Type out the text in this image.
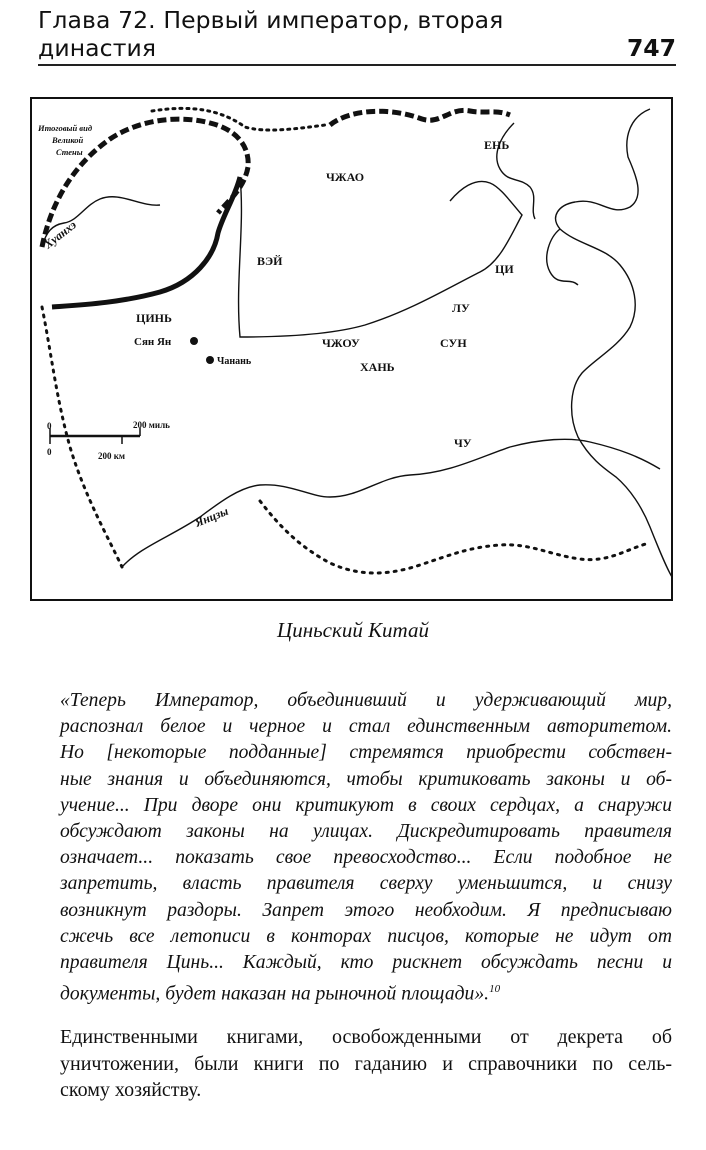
Глава 72. Первый император, вторая династия	747
Итоговый вид
Великой
Стены
Хуанхэ
Янцзы
ЕНЬ
ЧЖАО
ВЭЙ
ЦИ
ЦИНЬ
ЛУ
Сян Ян
Чанань
ЧЖОУ	СУН
ХАНЬ
ЧУ
0	200 миль
0	200 км
Циньский Китай
«Теперь Император, объединивший и удерживающий мир,
распознал белое и черное и стал единственным авторитетом.
Но [некоторые подданные] стремятся приобрести собствен-
ные знания и объединяются, чтобы критиковать законы и об-
учение... При дворе они критикуют в своих сердцах, а снаружи
обсуждают законы на улицах. Дискредитировать правителя
означает... показать свое превосходство... Если подобное не
запретить, власть правителя сверху уменьшится, и снизу
возникнут раздоры. Запрет этого необходим. Я предписываю
сжечь все летописи в конторах писцов, которые не идут от
правителя Цинь... Каждый, кто рискнет обсуждать песни и
документы, будет наказан на рыночной площади».$^{10}$
Единственными книгами, освобожденными от декрета об
уничтожении, были книги по гаданию и справочники по сель-
скому хозяйству.
